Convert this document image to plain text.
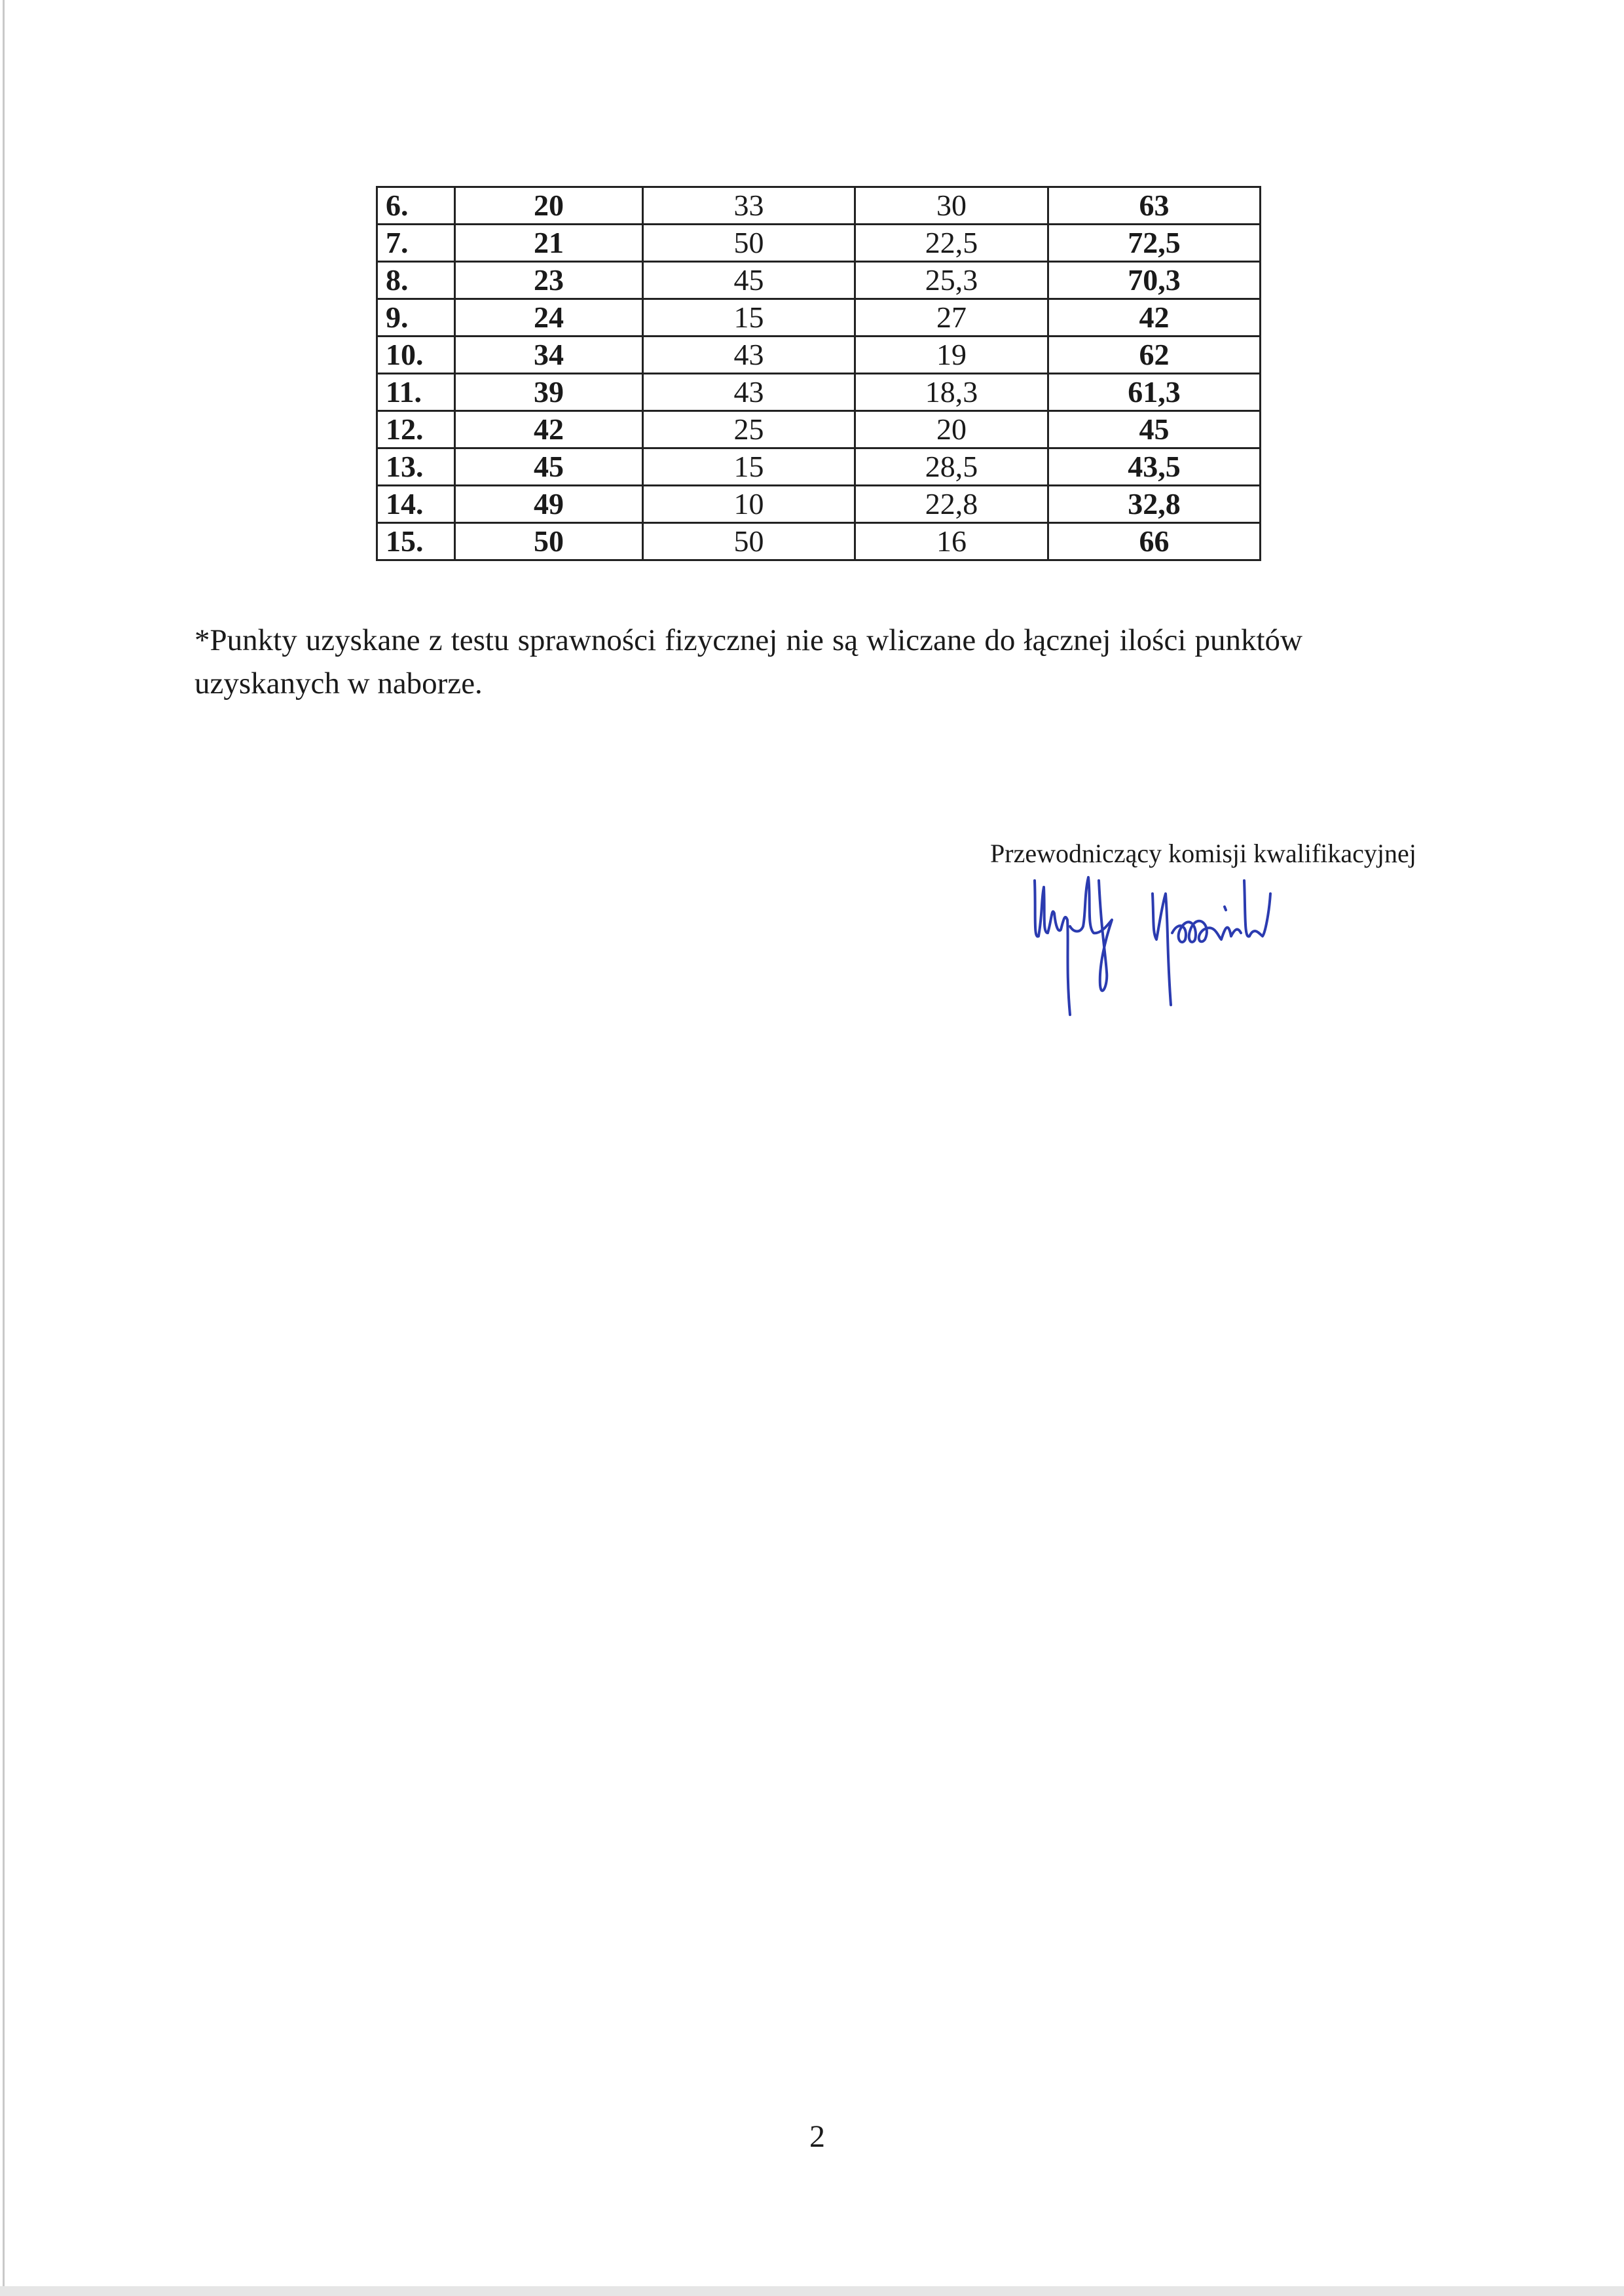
6.	20	33	30	63
7.	21	50	22,5	72,5
8.	23	45	25,3	70,3
9.	24	15	27	42
10.	34	43	19	62
11.	39	43	18,3	61,3
12.	42	25	20	45
13.	45	15	28,5	43,5
14.	49	10	22,8	32,8
15.	50	50	16	66
*Punkty uzyskane z testu sprawności fizycznej nie są wliczane do łącznej ilości punktów uzyskanych w naborze.
Przewodniczący komisji kwalifikacyjnej
2
